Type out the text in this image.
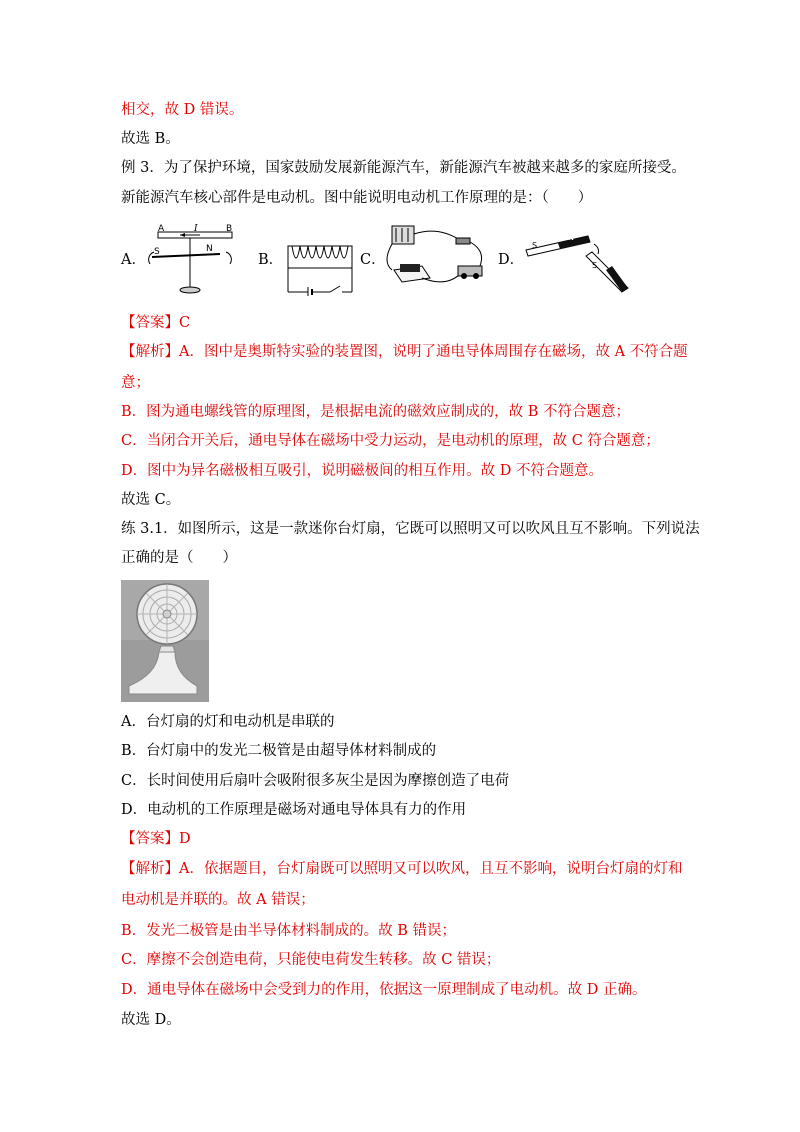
相交，故 D 错误。
故选 B。
例 3．为了保护环境，国家鼓励发展新能源汽车，新能源汽车被越来越多的家庭所接受。
新能源汽车核心部件是电动机。图中能说明电动机工作原理的是：（　　）
A．
A	I	B
S	N
B．	C．	D．
S
N
S
【答案】C
【解析】A．图中是奥斯特实验的装置图，说明了通电导体周围存在磁场，故 A 不符合题
意；
B．图为通电螺线管的原理图，是根据电流的磁效应制成的，故 B 不符合题意；
C．当闭合开关后，通电导体在磁场中受力运动，是电动机的原理，故 C 符合题意；
D．图中为异名磁极相互吸引，说明磁极间的相互作用。故 D 不符合题意。
故选 C。
练 3.1．如图所示，这是一款迷你台灯扇，它既可以照明又可以吹风且互不影响。下列说法
正确的是（　　）
A．台灯扇的灯和电动机是串联的
B．台灯扇中的发光二极管是由超导体材料制成的
C．长时间使用后扇叶会吸附很多灰尘是因为摩擦创造了电荷
D．电动机的工作原理是磁场对通电导体具有力的作用
【答案】D
【解析】A．依据题目，台灯扇既可以照明又可以吹风，且互不影响，说明台灯扇的灯和
电动机是并联的。故 A 错误；
B．发光二极管是由半导体材料制成的。故 B 错误；
C．摩擦不会创造电荷，只能使电荷发生转移。故 C 错误；
D．通电导体在磁场中会受到力的作用，依据这一原理制成了电动机。故 D 正确。
故选 D。
